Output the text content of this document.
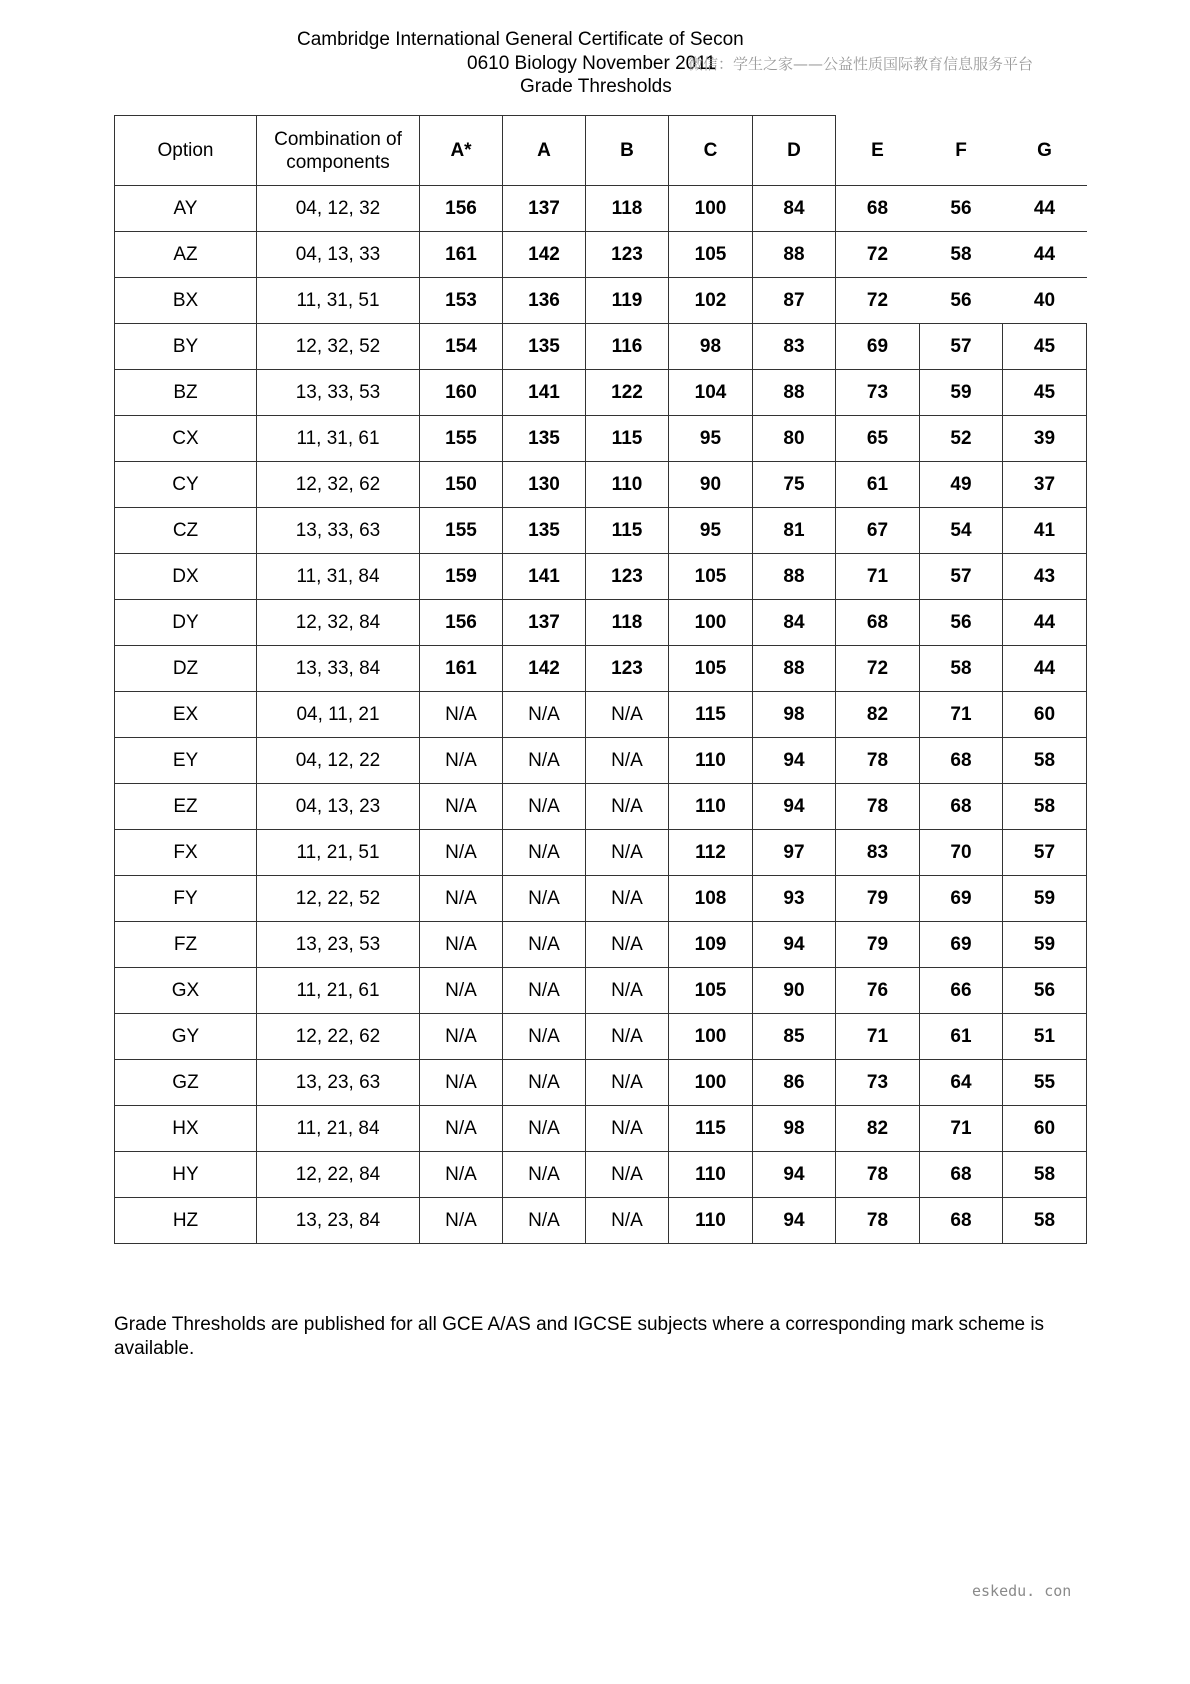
Cambridge International General Certificate of Secon
0610 Biology November 2011
微信：学生之家——公益性质国际教育信息服务平台
Grade Thresholds
Option	Combination of components	A*	A	B	C	D	E	F	G
AY	04, 12, 32	156	137	118	100	84	68	56	44
AZ	04, 13, 33	161	142	123	105	88	72	58	44
BX	11, 31, 51	153	136	119	102	87	72	56	40
BY	12, 32, 52	154	135	116	98	83	69	57	45
BZ	13, 33, 53	160	141	122	104	88	73	59	45
CX	11, 31, 61	155	135	115	95	80	65	52	39
CY	12, 32, 62	150	130	110	90	75	61	49	37
CZ	13, 33, 63	155	135	115	95	81	67	54	41
DX	11, 31, 84	159	141	123	105	88	71	57	43
DY	12, 32, 84	156	137	118	100	84	68	56	44
DZ	13, 33, 84	161	142	123	105	88	72	58	44
EX	04, 11, 21	N/A	N/A	N/A	115	98	82	71	60
EY	04, 12, 22	N/A	N/A	N/A	110	94	78	68	58
EZ	04, 13, 23	N/A	N/A	N/A	110	94	78	68	58
FX	11, 21, 51	N/A	N/A	N/A	112	97	83	70	57
FY	12, 22, 52	N/A	N/A	N/A	108	93	79	69	59
FZ	13, 23, 53	N/A	N/A	N/A	109	94	79	69	59
GX	11, 21, 61	N/A	N/A	N/A	105	90	76	66	56
GY	12, 22, 62	N/A	N/A	N/A	100	85	71	61	51
GZ	13, 23, 63	N/A	N/A	N/A	100	86	73	64	55
HX	11, 21, 84	N/A	N/A	N/A	115	98	82	71	60
HY	12, 22, 84	N/A	N/A	N/A	110	94	78	68	58
HZ	13, 23, 84	N/A	N/A	N/A	110	94	78	68	58
Grade Thresholds are published for all GCE A/AS and IGCSE subjects where a corresponding mark scheme is available.
eskedu. con
